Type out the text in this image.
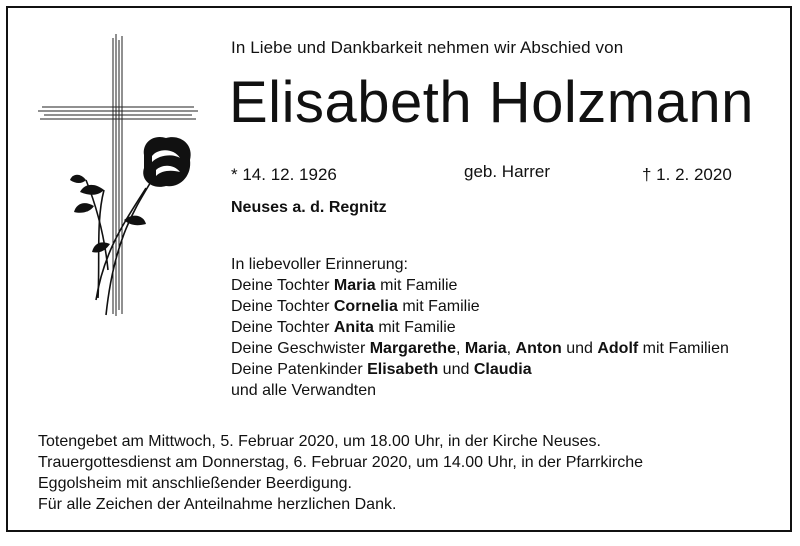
In Liebe und Dankbarkeit nehmen wir Abschied von
Elisabeth Holzmann
* 14. 12. 1926	geb. Harrer	† 1. 2. 2020
Neuses a. d. Regnitz
In liebevoller Erinnerung:
Deine Tochter Maria mit Familie
Deine Tochter Cornelia mit Familie
Deine Tochter Anita mit Familie
Deine Geschwister Margarethe, Maria, Anton und Adolf mit Familien
Deine Patenkinder Elisabeth und Claudia
und alle Verwandten
Totengebet am Mittwoch, 5. Februar 2020, um 18.00 Uhr, in der Kirche Neuses.
Trauergottesdienst am Donnerstag, 6. Februar 2020, um 14.00 Uhr, in der Pfarrkirche
Eggolsheim mit anschließender Beerdigung.
Für alle Zeichen der Anteilnahme herzlichen Dank.
